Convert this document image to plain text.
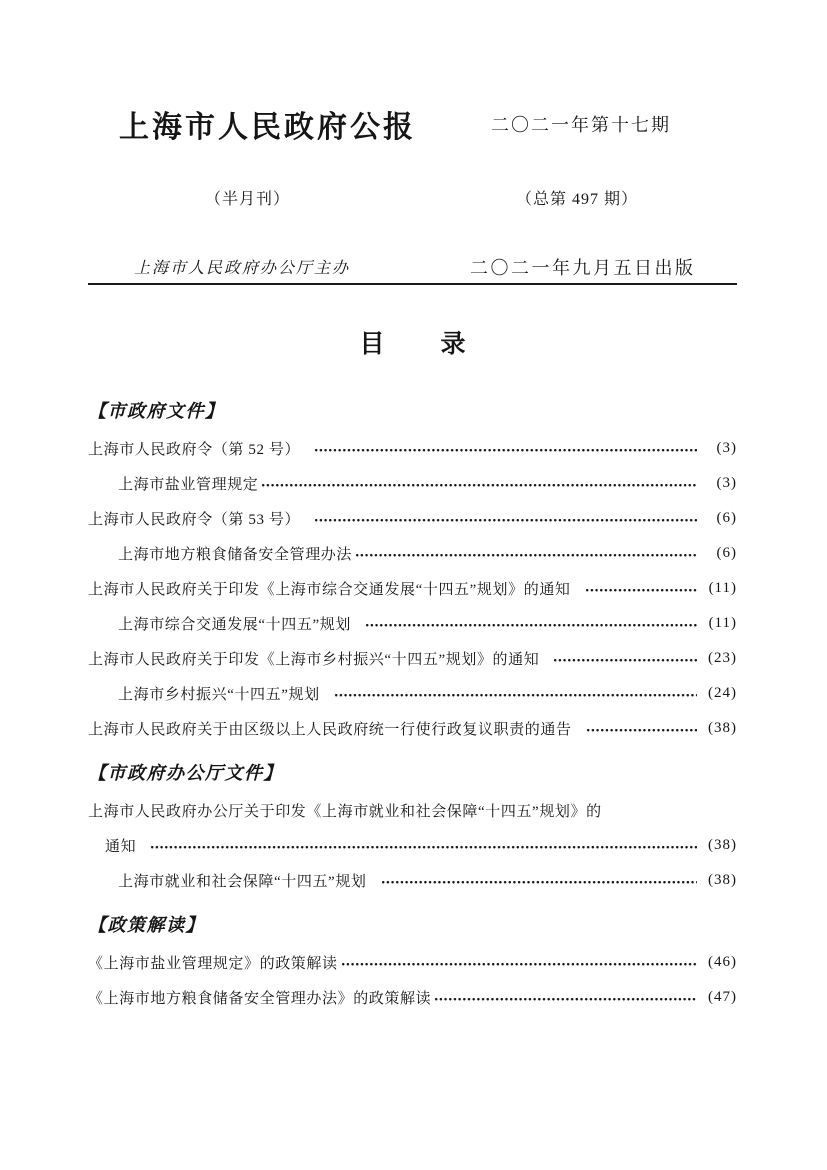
上海市人民政府公报	二〇二一年第十七期
（半月刊）	（总第 497 期）
上海市人民政府办公厅主办	二〇二一年九月五日出版
目 录
【市政府文件】
上海市人民政府令（第 52 号）	(3)
上海市盐业管理规定	(3)
上海市人民政府令（第 53 号）	(6)
上海市地方粮食储备安全管理办法	(6)
上海市人民政府关于印发《上海市综合交通发展“十四五”规划》的通知	(11)
上海市综合交通发展“十四五”规划	(11)
上海市人民政府关于印发《上海市乡村振兴“十四五”规划》的通知	(23)
上海市乡村振兴“十四五”规划	(24)
上海市人民政府关于由区级以上人民政府统一行使行政复议职责的通告	(38)
【市政府办公厅文件】
上海市人民政府办公厅关于印发《上海市就业和社会保障“十四五”规划》的
通知	(38)
上海市就业和社会保障“十四五”规划	(38)
【政策解读】
《上海市盐业管理规定》的政策解读	(46)
《上海市地方粮食储备安全管理办法》的政策解读	(47)
